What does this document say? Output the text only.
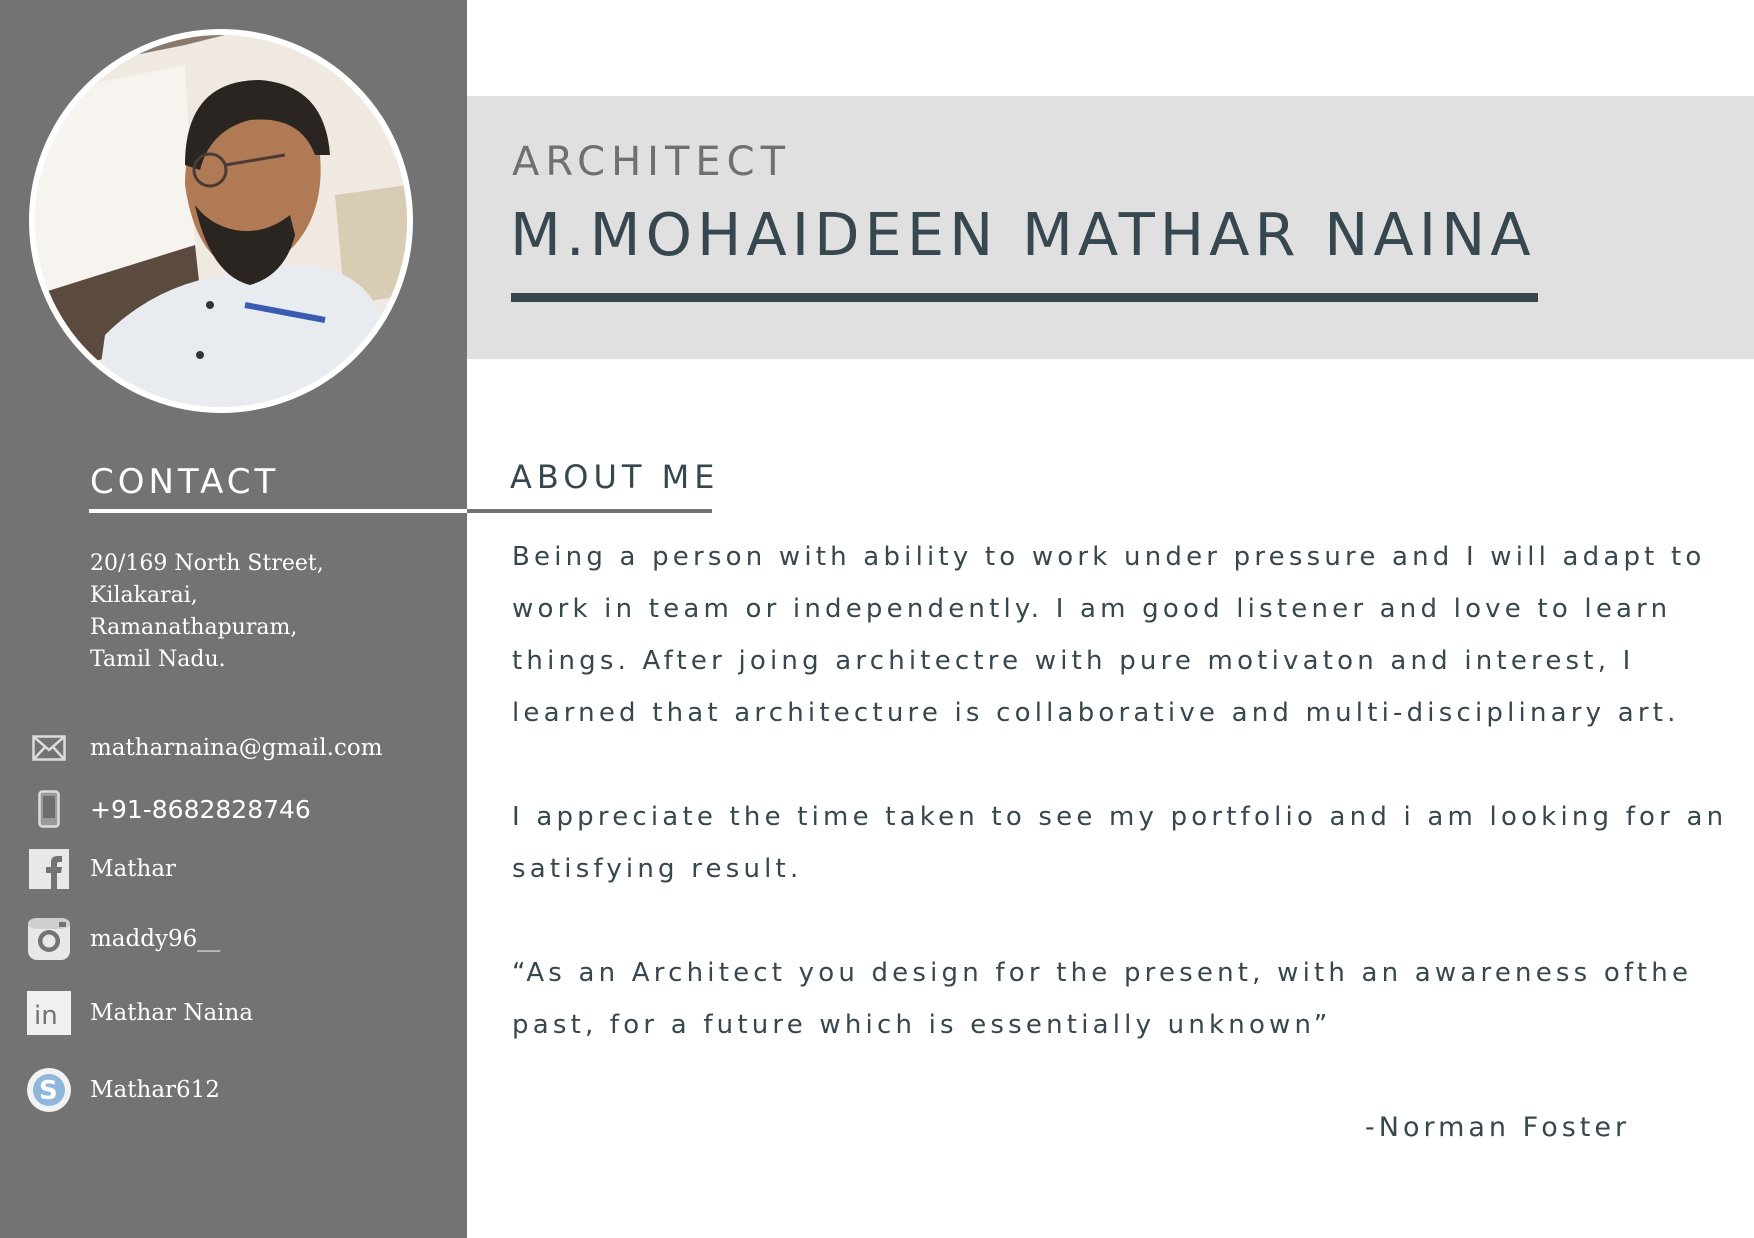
CONTACT
20/169 North Street,
Kilakarai,
Ramanathapuram,
Tamil Nadu.
matharnaina@gmail.com
+91-8682828746
Mathar
maddy96__
in Mathar Naina
S Mathar612
ARCHITECT
M.MOHAIDEEN MATHAR NAINA
ABOUT ME

Being a person with ability to work under pressure and I will adapt to work in team or independently. I am good listener and love to learn things. After joing architectre with pure motivaton and interest, I learned that architecture is collaborative and multi-disciplinary art.

I appreciate the time taken to see my portfolio and i am looking for an satisfying result.

“As an Architect you design for the present, with an awareness ofthe past, for a future which is essentially unknown”

-Norman Foster
